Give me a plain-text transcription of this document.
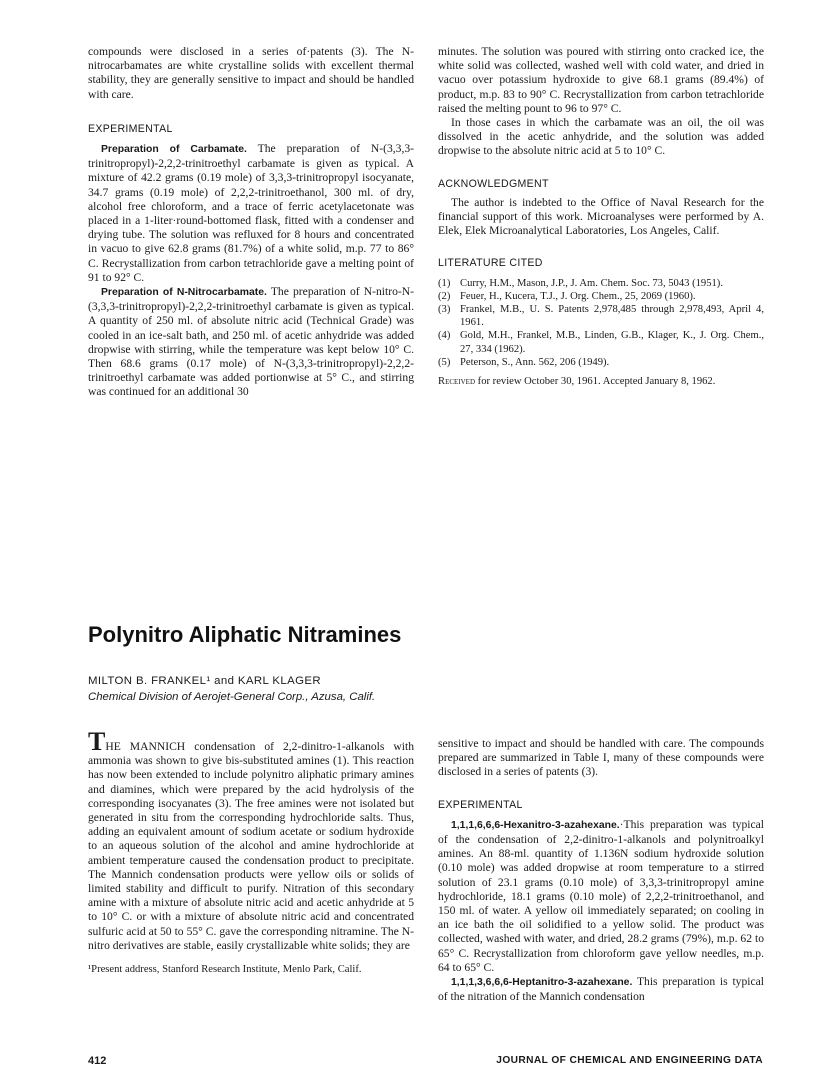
compounds were disclosed in a series of·patents (3). The N-nitrocarbamates are white crystalline solids with excellent thermal stability, they are generally sensitive to impact and should be handled with care.

EXPERIMENTAL

Preparation of Carbamate. The preparation of N-(3,3,3-trinitropropyl)-2,2,2-trinitroethyl carbamate is given as typical. A mixture of 42.2 grams (0.19 mole) of 3,3,3-trinitropropyl isocyanate, 34.7 grams (0.19 mole) of 2,2,2-trinitroethanol, 300 ml. of dry, alcohol free chloroform, and a trace of ferric acetylacetonate was placed in a 1-liter·round-bottomed flask, fitted with a condenser and drying tube. The solution was refluxed for 8 hours and concentrated in vacuo to give 62.8 grams (81.7%) of a white solid, m.p. 77 to 86° C. Recrystallization from carbon tetrachloride gave a melting point of 91 to 92° C.

Preparation of N-Nitrocarbamate. The preparation of N-nitro-N-(3,3,3-trinitropropyl)-2,2,2-trinitroethyl carbamate is given as typical. A quantity of 250 ml. of absolute nitric acid (Technical Grade) was cooled in an ice-salt bath, and 250 ml. of acetic anhydride was added dropwise with stirring, while the temperature was kept below 10° C. Then 68.6 grams (0.17 mole) of N-(3,3,3-trinitropropyl)-2,2,2-trinitroethyl carbamate was added portionwise at 5° C., and stirring was continued for an additional 30

minutes. The solution was poured with stirring onto cracked ice, the white solid was collected, washed well with cold water, and dried in vacuo over potassium hydroxide to give 68.1 grams (89.4%) of product, m.p. 83 to 90° C. Recrystallization from carbon tetrachloride raised the melting pount to 96 to 97° C.

In those cases in which the carbamate was an oil, the oil was dissolved in the acetic anhydride, and the solution was added dropwise to the absolute nitric acid at 5 to 10° C.

ACKNOWLEDGMENT

The author is indebted to the Office of Naval Research for the financial support of this work. Microanalyses were performed by A. Elek, Elek Microanalytical Laboratories, Los Angeles, Calif.

LITERATURE CITED

(1) Curry, H.M., Mason, J.P., J. Am. Chem. Soc. 73, 5043 (1951).
(2) Feuer, H., Kucera, T.J., J. Org. Chem., 25, 2069 (1960).
(3) Frankel, M.B., U. S. Patents 2,978,485 through 2,978,493, April 4, 1961.
(4) Gold, M.H., Frankel, M.B., Linden, G.B., Klager, K., J. Org. Chem., 27, 334 (1962).
(5) Peterson, S., Ann. 562, 206 (1949).

Received for review October 30, 1961. Accepted January 8, 1962.

Polynitro Aliphatic Nitramines
MILTON B. FRANKEL¹ and KARL KLAGER
Chemical Division of Aerojet-General Corp., Azusa, Calif.

THE MANNICH condensation of 2,2-dinitro-1-alkanols with ammonia was shown to give bis-substituted amines (1). This reaction has now been extended to include polynitro aliphatic primary amines and diamines, which were prepared by the acid hydrolysis of the corresponding isocyanates (3). The free amines were not isolated but generated in situ from the corresponding hydrochloride salts. Thus, adding an equivalent amount of sodium acetate or sodium hydroxide to an aqueous solution of the alcohol and amine hydrochloride at ambient temperature caused the condensation product to precipitate. The Mannich condensation products were yellow oils or solids of limited stability and difficult to purify. Nitration of this secondary amine with a mixture of absolute nitric acid and acetic anhydride at 5 to 10° C. or with a mixture of absolute nitric acid and concentrated sulfuric acid at 50 to 55° C. gave the corresponding nitramine. The N-nitro derivatives are stable, easily crystallizable white solids; they are

¹Present address, Stanford Research Institute, Menlo Park, Calif.

sensitive to impact and should be handled with care. The compounds prepared are summarized in Table I, many of these compounds were disclosed in a series of patents (3).

EXPERIMENTAL

1,1,1,6,6,6-Hexanitro-3-azahexane.·This preparation was typical of the condensation of 2,2-dinitro-1-alkanols and polynitroalkyl amines. An 88-ml. quantity of 1.136N sodium hydroxide solution (0.10 mole) was added dropwise at room temperature to a stirred solution of 23.1 grams (0.10 mole) of 3,3,3-trinitropropyl amine hydrochloride, 18.1 grams (0.10 mole) of 2,2,2-trinitroethanol, and 150 ml. of water. A yellow oil immediately separated; on cooling in an ice bath the oil solidified to a yellow solid. The product was collected, washed with water, and dried, 28.2 grams (79%), m.p. 62 to 65° C. Recrystallization from chloroform gave yellow needles, m.p. 64 to 65° C.

1,1,1,3,6,6,6-Heptanitro-3-azahexane. This preparation is typical of the nitration of the Mannich condensation

412	JOURNAL OF CHEMICAL AND ENGINEERING DATA
